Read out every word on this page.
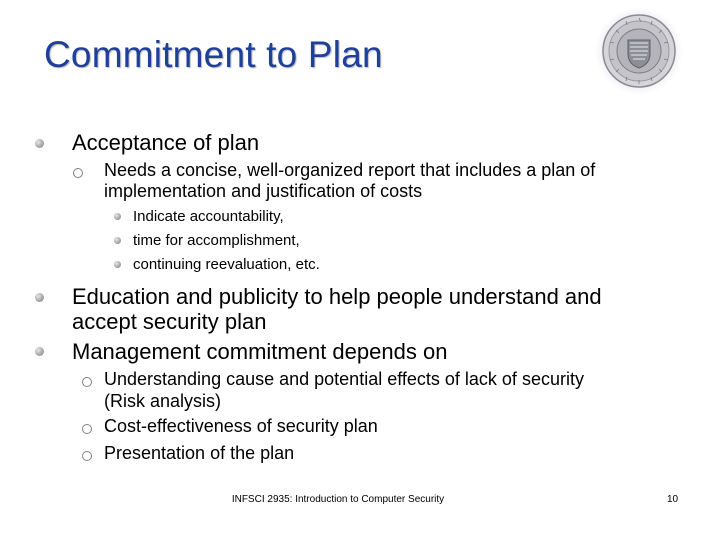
Commitment to Plan
Acceptance of plan
Needs a concise, well-organized report that includes a plan of
implementation and justification of costs
Indicate accountability,
time for accomplishment,
continuing reevaluation, etc.
Education and publicity to help people understand and
accept security plan
Management commitment depends on
Understanding cause and potential effects of lack of security
(Risk analysis)
Cost-effectiveness of security plan
Presentation of the plan
INFSCI 2935: Introduction to Computer Security	10
